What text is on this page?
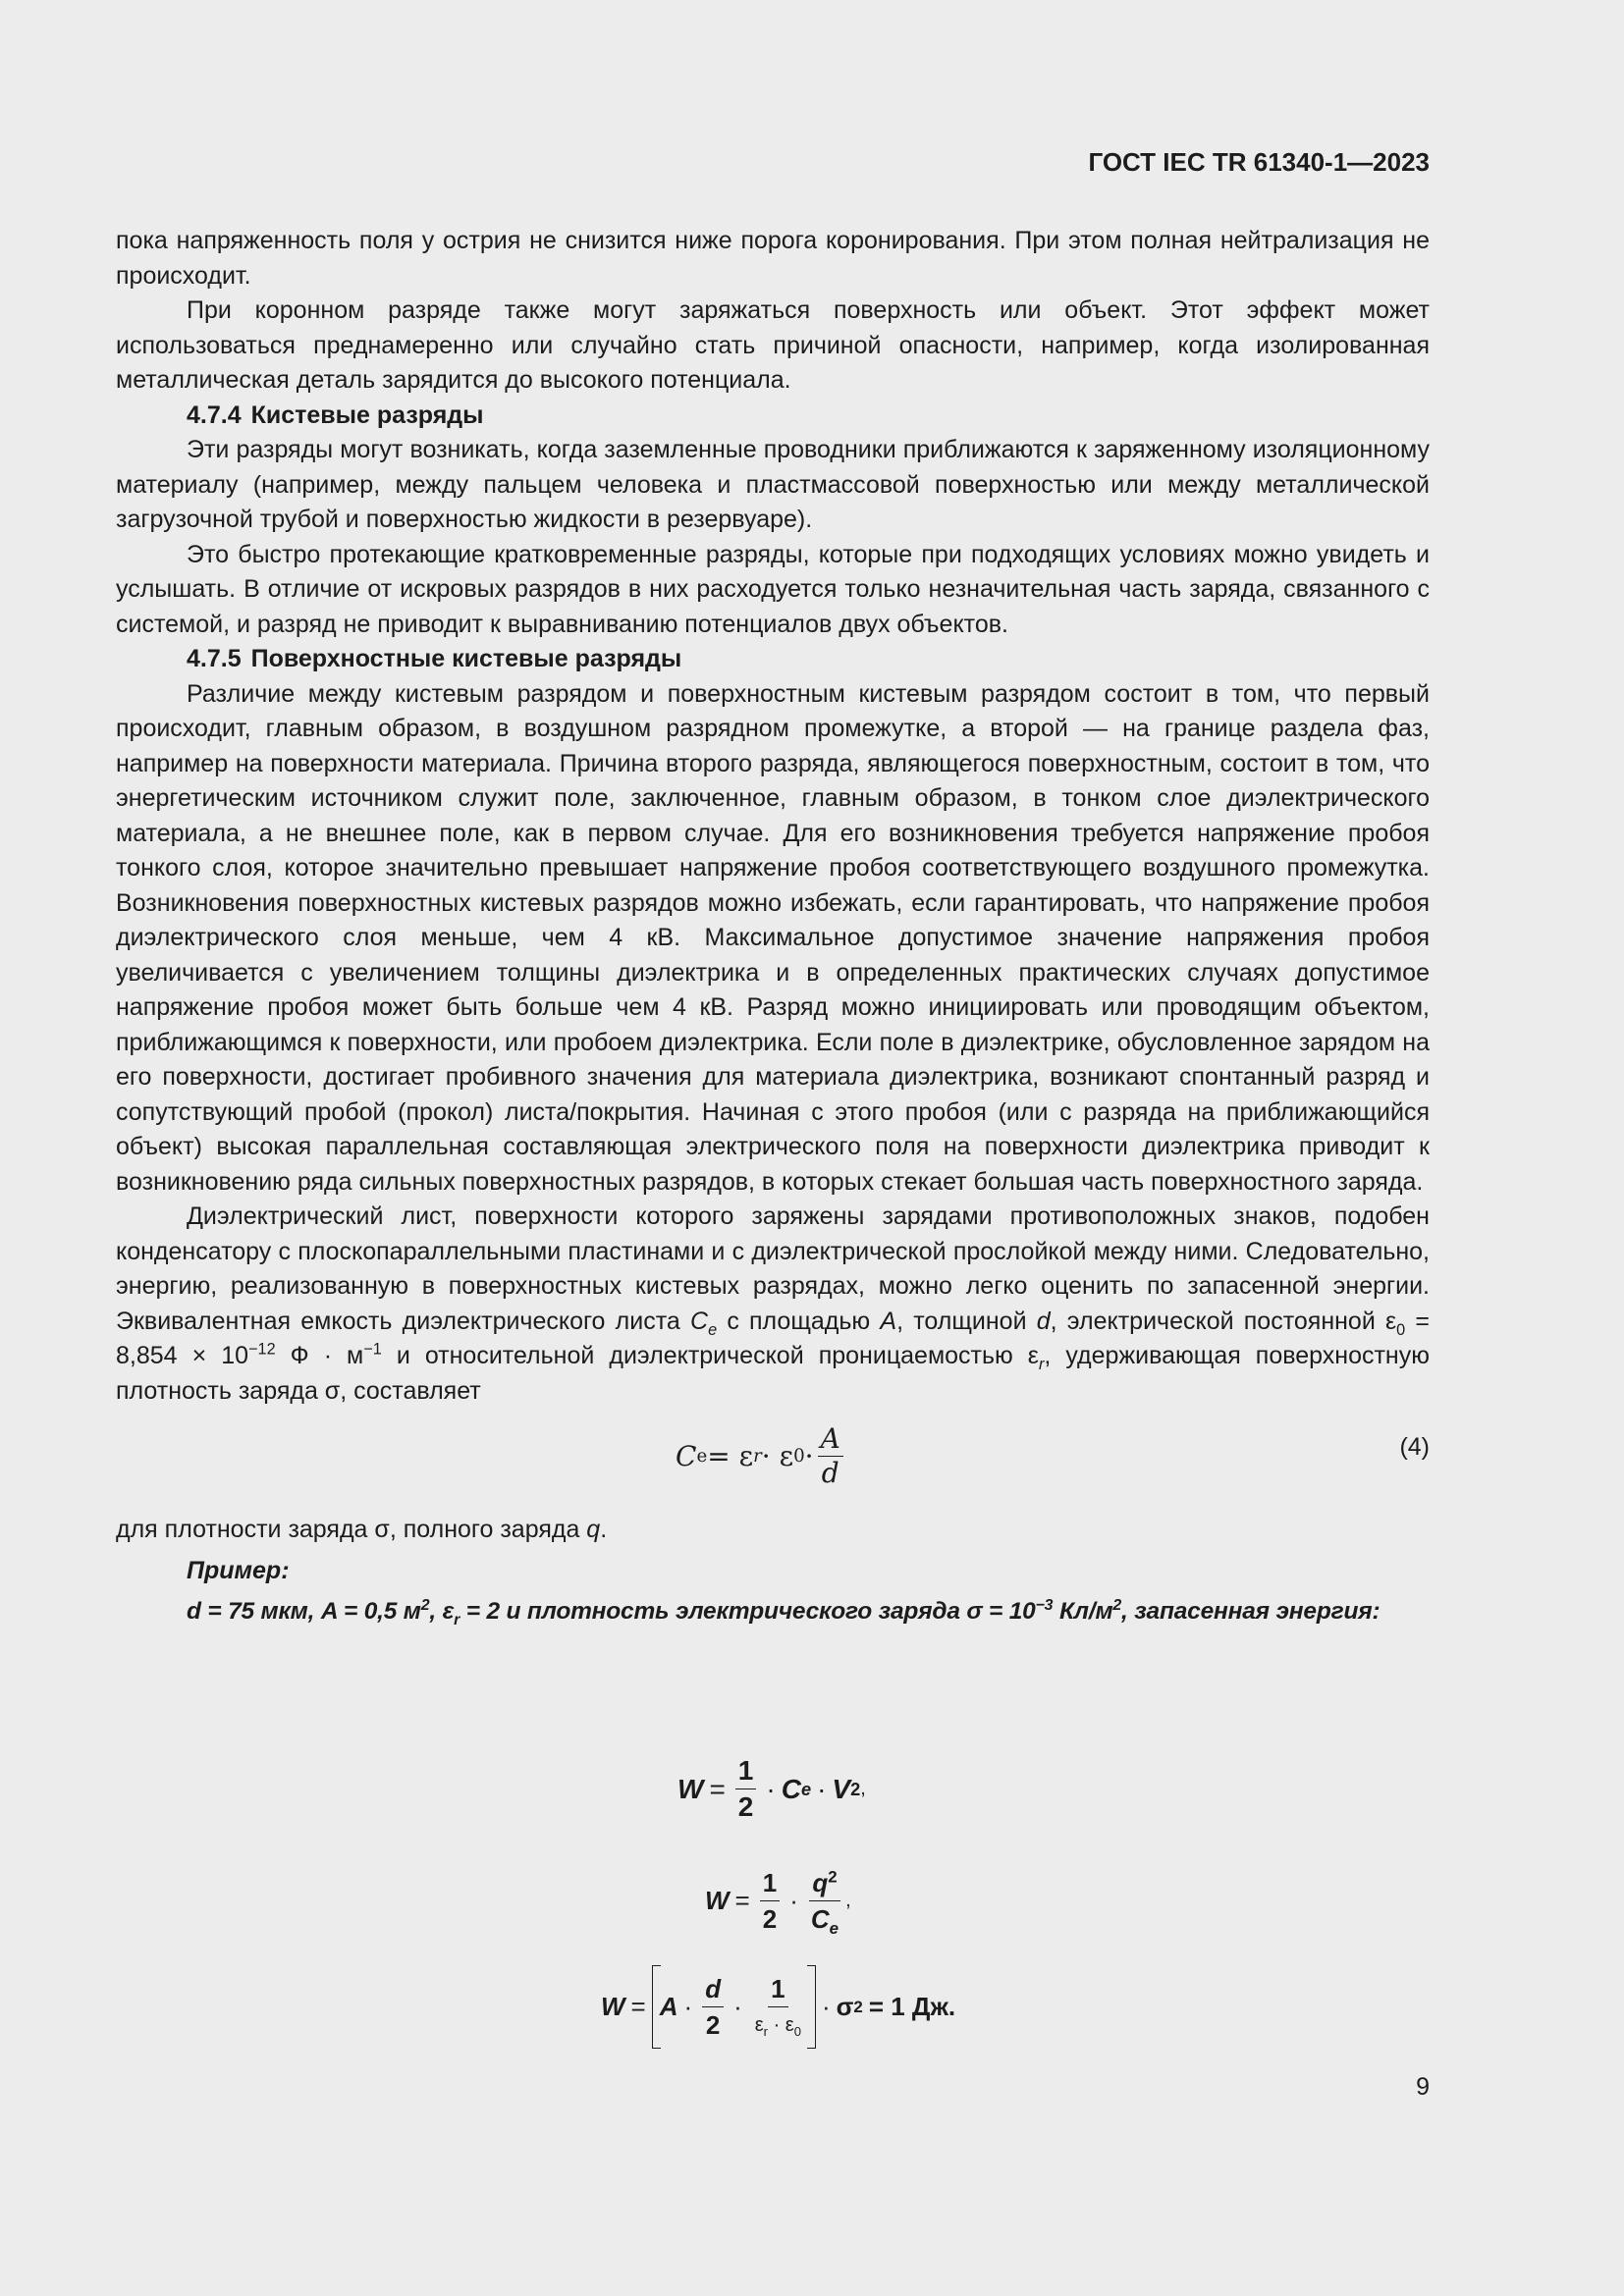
ГОСТ IEC TR 61340-1—2023

пока напряженность поля у острия не снизится ниже порога коронирования. При этом полная нейтрализация не происходит.

При коронном разряде также могут заряжаться поверхность или объект. Этот эффект может использоваться преднамеренно или случайно стать причиной опасности, например, когда изолированная металлическая деталь зарядится до высокого потенциала.

4.7.4 Кистевые разряды

Эти разряды могут возникать, когда заземленные проводники приближаются к заряженному изоляционному материалу (например, между пальцем человека и пластмассовой поверхностью или между металлической загрузочной трубой и поверхностью жидкости в резервуаре).

Это быстро протекающие кратковременные разряды, которые при подходящих условиях можно увидеть и услышать. В отличие от искровых разрядов в них расходуется только незначительная часть заряда, связанного с системой, и разряд не приводит к выравниванию потенциалов двух объектов.

4.7.5 Поверхностные кистевые разряды

Различие между кистевым разрядом и поверхностным кистевым разрядом состоит в том, что первый происходит, главным образом, в воздушном разрядном промежутке, а второй — на границе раздела фаз, например на поверхности материала. Причина второго разряда, являющегося поверхностным, состоит в том, что энергетическим источником служит поле, заключенное, главным образом, в тонком слое диэлектрического материала, а не внешнее поле, как в первом случае. Для его возникновения требуется напряжение пробоя тонкого слоя, которое значительно превышает напряжение пробоя соответствующего воздушного промежутка. Возникновения поверхностных кистевых разрядов можно избежать, если гарантировать, что напряжение пробоя диэлектрического слоя меньше, чем 4 кВ. Максимальное допустимое значение напряжения пробоя увеличивается с увеличением толщины диэлектрика и в определенных практических случаях допустимое напряжение пробоя может быть больше чем 4 кВ. Разряд можно инициировать или проводящим объектом, приближающимся к поверхности, или пробоем диэлектрика. Если поле в диэлектрике, обусловленное зарядом на его поверхности, достигает пробивного значения для материала диэлектрика, возникают спонтанный разряд и сопутствующий пробой (прокол) листа/покрытия. Начиная с этого пробоя (или с разряда на приближающийся объект) высокая параллельная составляющая электрического поля на поверхности диэлектрика приводит к возникновению ряда сильных поверхностных разрядов, в которых стекает большая часть поверхностного заряда.

Диэлектрический лист, поверхности которого заряжены зарядами противоположных знаков, подобен конденсатору с плоскопараллельными пластинами и с диэлектрической прослойкой между ними. Следовательно, энергию, реализованную в поверхностных кистевых разрядах, можно легко оценить по запасенной энергии. Эквивалентная емкость диэлектрического листа $C_e$ с площадью A, толщиной d, электрической постоянной $\varepsilon_0 = 8,854 \times 10^{-12}$ $Ф \cdot м^{-1}$ и относительной диэлектрической проницаемостью $\varepsilon_r$, удерживающая поверхностную плотность заряда σ, составляет

C e = ε r · ε $0 \cdot \frac{A}{d}$	(4)

для плотности заряда σ, полного заряда q.

Пример:
d = 75 мкм, A = 0,5 $м^2$, $\varepsilon_r = 2$ и плотность электрического заряда $\sigma = 10^{-3}$ $Кл/м^2$, запасенная энергия:
$W = \frac{1}{2} \cdot C$ e · V 2 ,
$W = \frac{1}{2} \cdot \frac{q^2}{C_e}$ ,
$W = A \cdot \frac{d}{2} \cdot \frac{1}{\varepsilon_r \cdot \varepsilon_0} \cdot \sigma$ 2 = 1 Дж.
9
